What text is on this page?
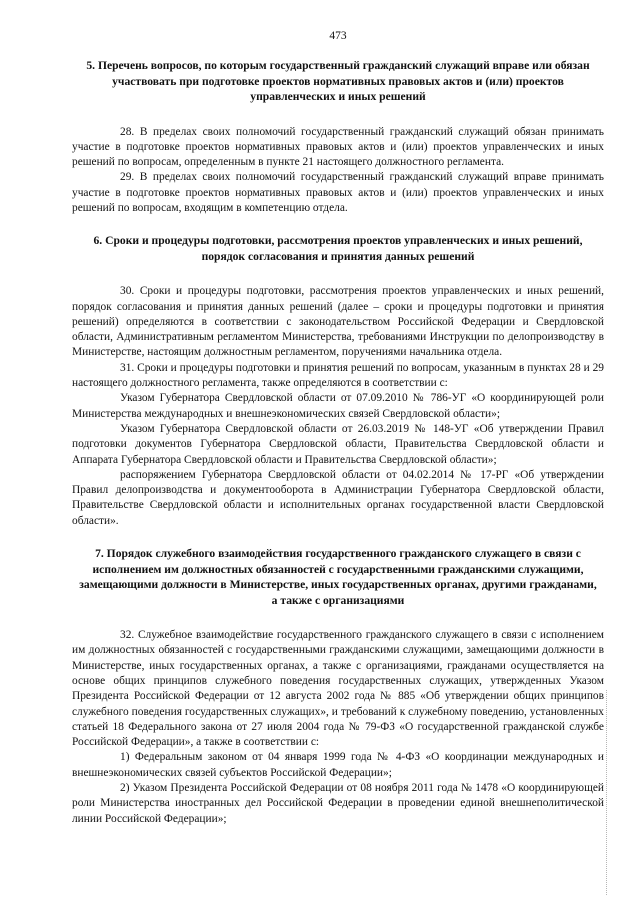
473
5. Перечень вопросов, по которым государственный гражданский служащий вправе или обязан участвовать при подготовке проектов нормативных правовых актов и (или) проектов управленческих и иных решений

28. В пределах своих полномочий государственный гражданский служащий обязан принимать участие в подготовке проектов нормативных правовых актов и (или) проектов управленческих и иных решений по вопросам, определенным в пункте 21 настоящего должностного регламента.

29. В пределах своих полномочий государственный гражданский служащий вправе принимать участие в подготовке проектов нормативных правовых актов и (или) проектов управленческих и иных решений по вопросам, входящим в компетенцию отдела.

6. Сроки и процедуры подготовки, рассмотрения проектов управленческих и иных решений, порядок согласования и принятия данных решений

30. Сроки и процедуры подготовки, рассмотрения проектов управленческих и иных решений, порядок согласования и принятия данных решений (далее – сроки и процедуры подготовки и принятия решений) определяются в соответствии с законодательством Российской Федерации и Свердловской области, Административным регламентом Министерства, требованиями Инструкции по делопроизводству в Министерстве, настоящим должностным регламентом, поручениями начальника отдела.

31. Сроки и процедуры подготовки и принятия решений по вопросам, указанным в пунктах 28 и 29 настоящего должностного регламента, также определяются в соответствии с:

Указом Губернатора Свердловской области от 07.09.2010 № 786-УГ «О координирующей роли Министерства международных и внешнеэкономических связей Свердловской области»;

Указом Губернатора Свердловской области от 26.03.2019 № 148-УГ «Об утверждении Правил подготовки документов Губернатора Свердловской области, Правительства Свердловской области и Аппарата Губернатора Свердловской области и Правительства Свердловской области»;

распоряжением Губернатора Свердловской области от 04.02.2014 № 17-РГ «Об утверждении Правил делопроизводства и документооборота в Администрации Губернатора Свердловской области, Правительстве Свердловской области и исполнительных органах государственной власти Свердловской области».

7. Порядок служебного взаимодействия государственного гражданского служащего в связи с исполнением им должностных обязанностей с государственными гражданскими служащими, замещающими должности в Министерстве, иных государственных органах, другими гражданами, а также с организациями

32. Служебное взаимодействие государственного гражданского служащего в связи с исполнением им должностных обязанностей с государственными гражданскими служащими, замещающими должности в Министерстве, иных государственных органах, а также с организациями, гражданами осуществляется на основе общих принципов служебного поведения государственных служащих, утвержденных Указом Президента Российской Федерации от 12 августа 2002 года № 885 «Об утверждении общих принципов служебного поведения государственных служащих», и требований к служебному поведению, установленных статьей 18 Федерального закона от 27 июля 2004 года № 79-ФЗ «О государственной гражданской службе Российской Федерации», а также в соответствии с:

1) Федеральным законом от 04 января 1999 года № 4-ФЗ «О координации международных и внешнеэкономических связей субъектов Российской Федерации»;

2) Указом Президента Российской Федерации от 08 ноября 2011 года № 1478 «О координирующей роли Министерства иностранных дел Российской Федерации в проведении единой внешнеполитической линии Российской Федерации»;
